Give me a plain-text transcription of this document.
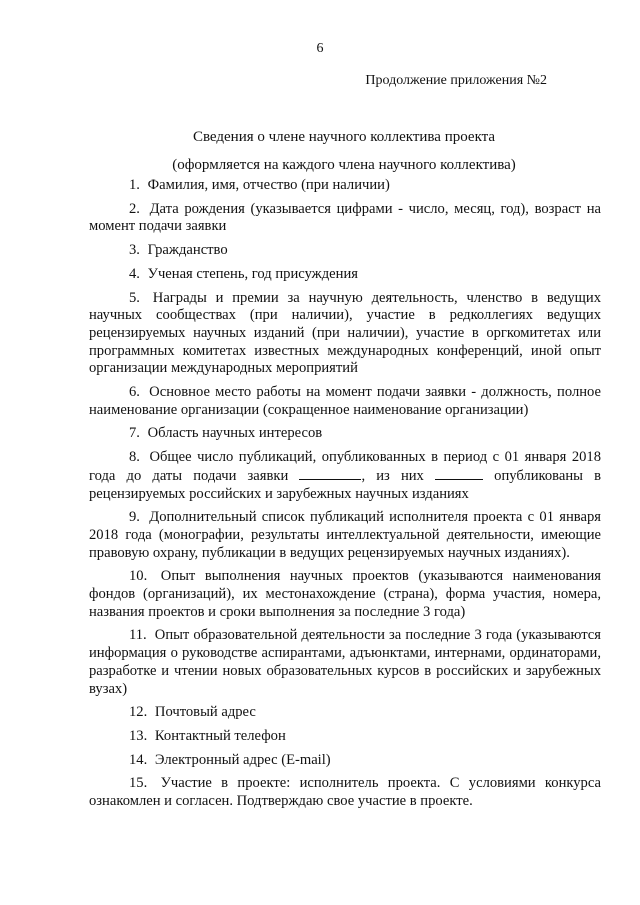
6
Продолжение приложения №2
Сведения о члене научного коллектива проекта
(оформляется на каждого члена научного коллектива)

1. Фамилия, имя, отчество (при наличии)

2. Дата рождения (указывается цифрами - число, месяц, год), возраст на момент подачи заявки

3. Гражданство

4. Ученая степень, год присуждения

5. Награды и премии за научную деятельность, членство в ведущих научных сообществах (при наличии), участие в редколлегиях ведущих рецензируемых научных изданий (при наличии), участие в оргкомитетах или программных комитетах известных международных конференций, иной опыт организации международных мероприятий

6. Основное место работы на момент подачи заявки - должность, полное наименование организации (сокращенное наименование организации)

7. Область научных интересов

8. Общее число публикаций, опубликованных в период с 01 января 2018 года до даты подачи заявки	, из них	опубликованы в рецензируемых российских и зарубежных научных изданиях

9. Дополнительный список публикаций исполнителя проекта с 01 января 2018 года (монографии, результаты интеллектуальной деятельности, имеющие правовую охрану, публикации в ведущих рецензируемых научных изданиях).

10. Опыт выполнения научных проектов (указываются наименования фондов (организаций), их местонахождение (страна), форма участия, номера, названия проектов и сроки выполнения за последние 3 года)

11. Опыт образовательной деятельности за последние 3 года (указываются информация о руководстве аспирантами, адъюнктами, интернами, ординаторами, разработке и чтении новых образовательных курсов в российских и зарубежных вузах)

12. Почтовый адрес

13. Контактный телефон

14. Электронный адрес (E-mail)

15. Участие в проекте: исполнитель проекта. С условиями конкурса ознакомлен и согласен. Подтверждаю свое участие в проекте.
